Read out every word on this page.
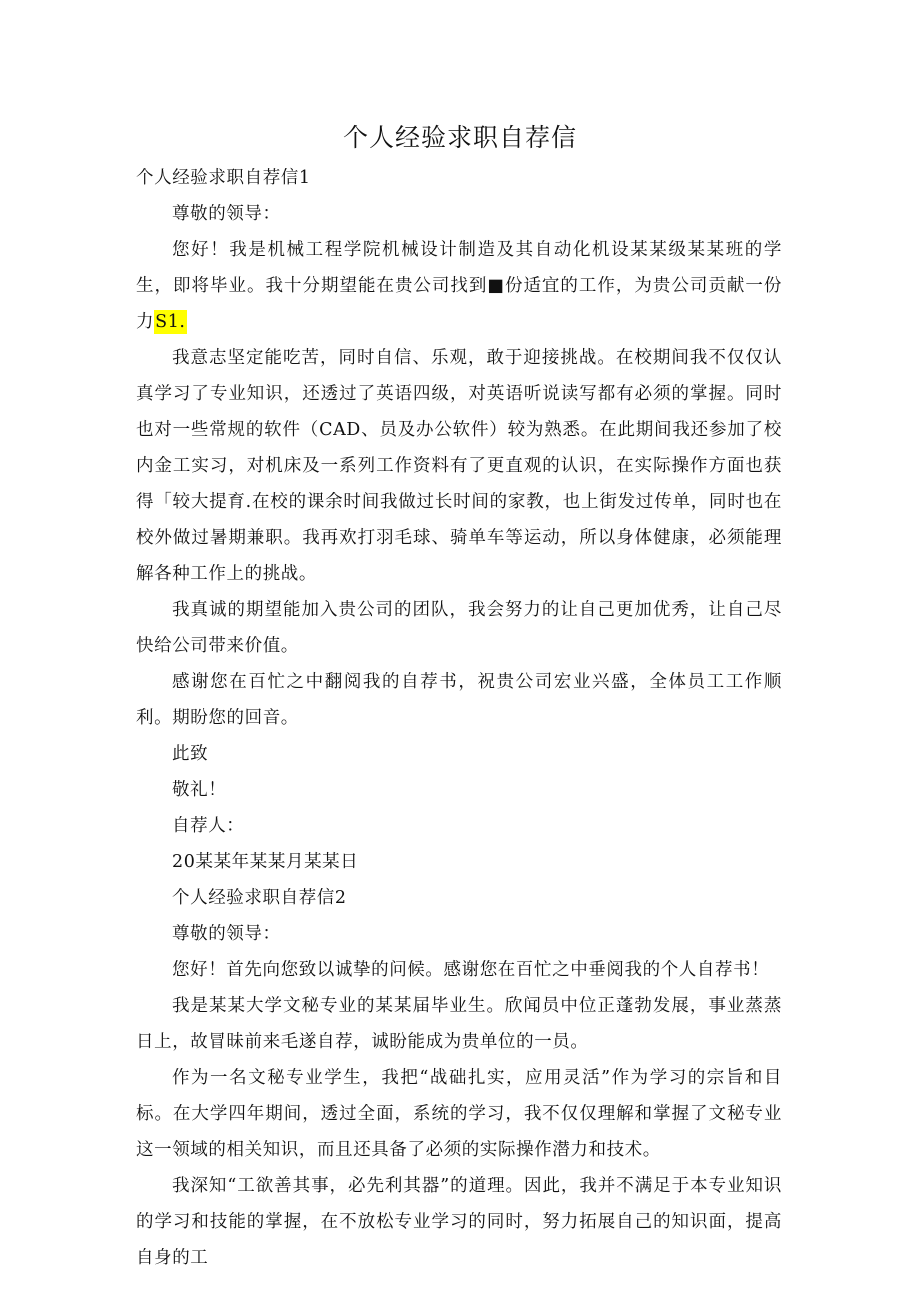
个人经验求职自荐信

个人经验求职自荐信1

尊敬的领导：

您好！我是机械工程学院机械设计制造及其自动化机设某某级某某班的学生，即将毕业。我十分期望能在贵公司找到■份适宜的工作，为贵公司贡献一份力S1.

我意志坚定能吃苦，同时自信、乐观，敢于迎接挑战。在校期间我不仅仅认真学习了专业知识，还透过了英语四级，对英语听说读写都有必须的掌握。同时也对一些常规的软件（CAD、员及办公软件）较为熟悉。在此期间我还参加了校内金工实习，对机床及一系列工作资料有了更直观的认识，在实际操作方面也获得「较大提育.在校的课余时间我做过长时间的家教，也上街发过传单，同时也在校外做过暑期兼职。我再欢打羽毛球、骑单车等运动，所以身体健康，必须能理解各种工作上的挑战。

我真诚的期望能加入贵公司的团队，我会努力的让自己更加优秀，让自己尽快给公司带来价值。

感谢您在百忙之中翻阅我的自荐书，祝贵公司宏业兴盛，全体员工工作顺利。期盼您的回音。

此致

敬礼！

自荐人：

20某某年某某月某某日

个人经验求职自荐信2

尊敬的领导：

您好！首先向您致以诚挚的问候。感谢您在百忙之中垂阅我的个人自荐书！

我是某某大学文秘专业的某某届毕业生。欣闻员中位正蓬勃发展，事业蒸蒸日上，故冒昧前来毛遂自荐，诚盼能成为贵单位的一员。

作为一名文秘专业学生，我把“战础扎实，应用灵活”作为学习的宗旨和目标。在大学四年期间，透过全面，系统的学习，我不仅仅理解和掌握了文秘专业这一领域的相关知识，而且还具备了必须的实际操作潜力和技术。

我深知“工欲善其事，必先利其器”的道理。因此，我并不满足于本专业知识的学习和技能的掌握，在不放松专业学习的同时，努力拓展自己的知识面，提高自身的工
